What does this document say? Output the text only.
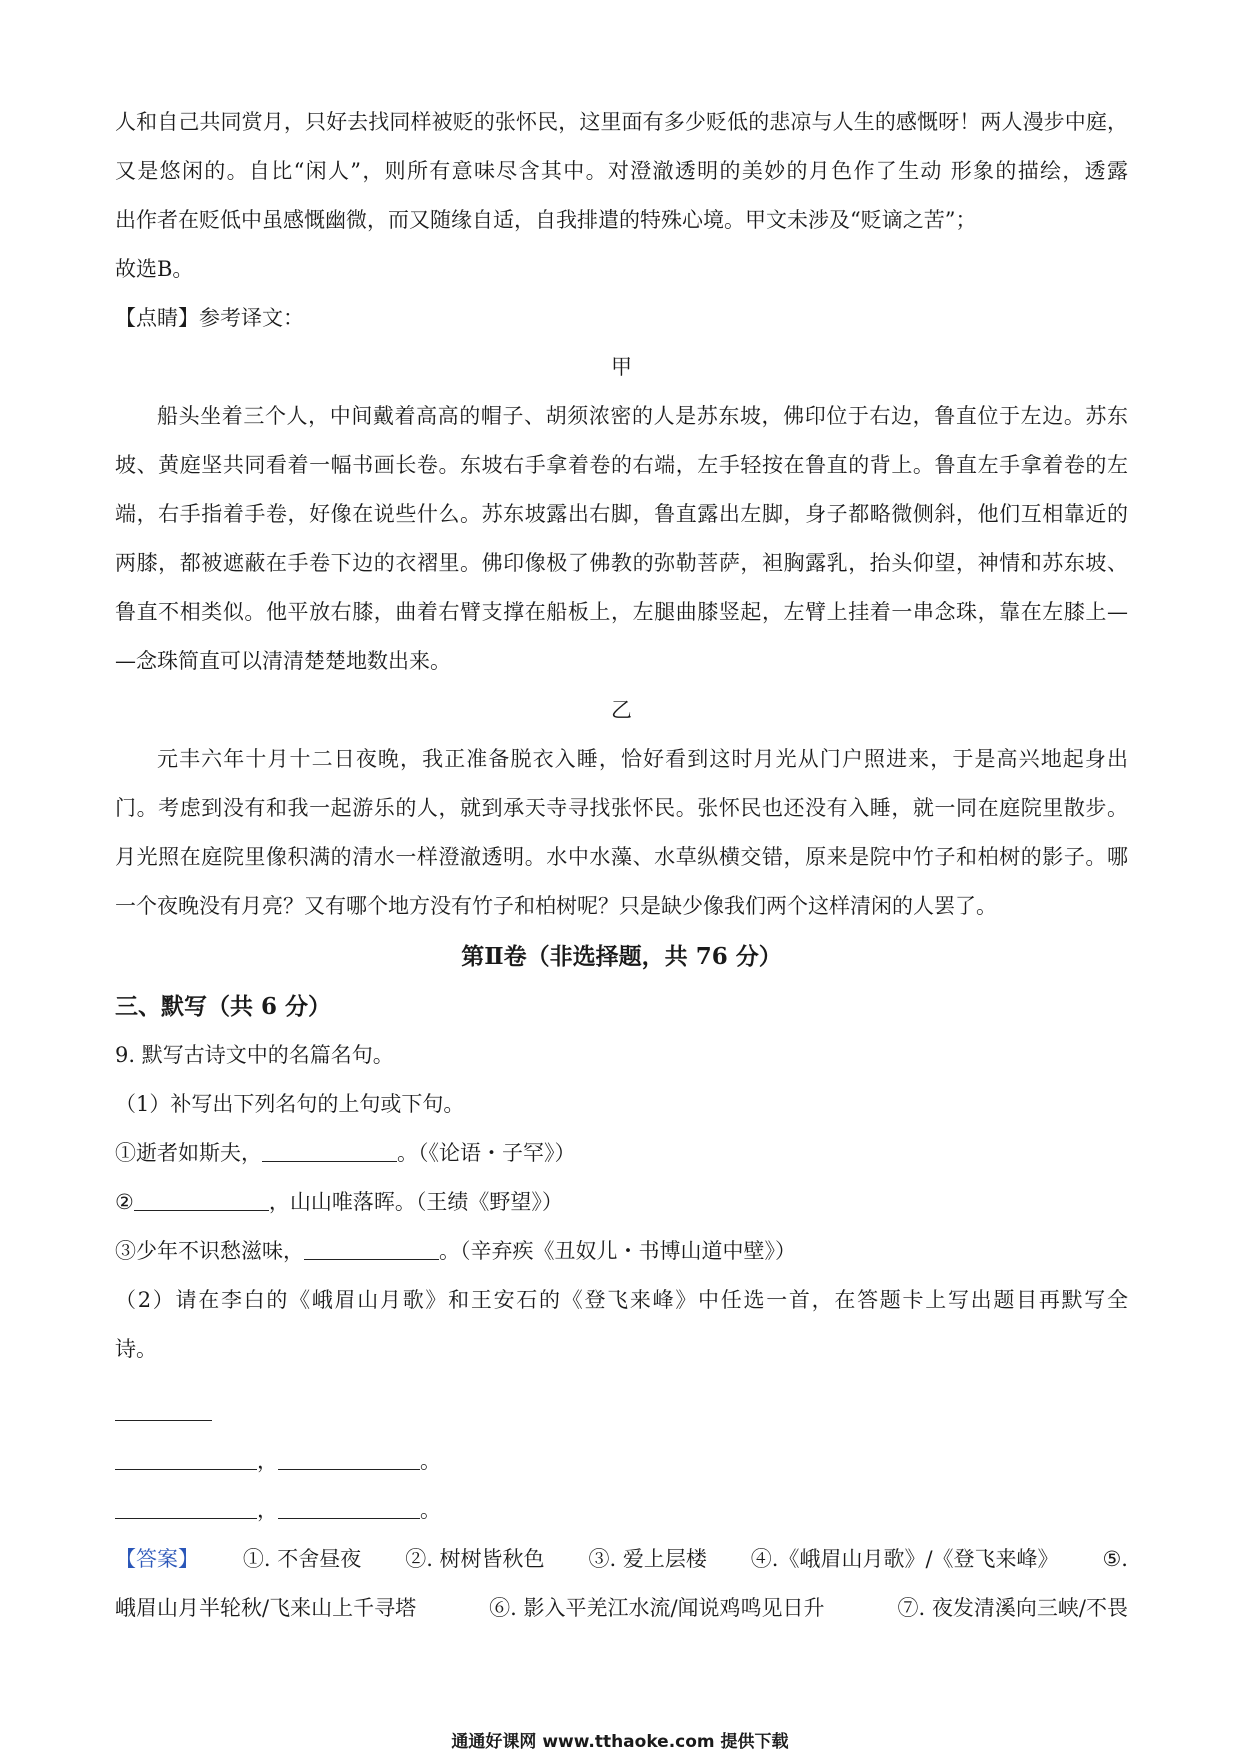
人和自己共同赏月，只好去找同样被贬的张怀民，这里面有多少贬低的悲凉与人生的感慨呀！两人漫步中庭，

又是悠闲的。自比“闲人”，则所有意味尽含其中。对澄澈透明的美妙的月色作了生动 形象的描绘，透露

出作者在贬低中虽感慨幽微，而又随缘自适，自我排遣的特殊心境。甲文未涉及“贬谪之苦”；

故选B。

【点睛】参考译文：

甲

船头坐着三个人，中间戴着高高的帽子、胡须浓密的人是苏东坡，佛印位于右边，鲁直位于左边。苏东

坡、黄庭坚共同看着一幅书画长卷。东坡右手拿着卷的右端，左手轻按在鲁直的背上。鲁直左手拿着卷的左

端，右手指着手卷，好像在说些什么。苏东坡露出右脚，鲁直露出左脚，身子都略微侧斜，他们互相靠近的

两膝，都被遮蔽在手卷下边的衣褶里。佛印像极了佛教的弥勒菩萨，袒胸露乳，抬头仰望，神情和苏东坡、

鲁直不相类似。他平放右膝，曲着右臂支撑在船板上，左腿曲膝竖起，左臂上挂着一串念珠，靠在左膝上—

—念珠简直可以清清楚楚地数出来。

乙

元丰六年十月十二日夜晚，我正准备脱衣入睡，恰好看到这时月光从门户照进来，于是高兴地起身出

门。考虑到没有和我一起游乐的人，就到承天寺寻找张怀民。张怀民也还没有入睡，就一同在庭院里散步。

月光照在庭院里像积满的清水一样澄澈透明。水中水藻、水草纵横交错，原来是院中竹子和柏树的影子。哪

一个夜晚没有月亮？又有哪个地方没有竹子和柏树呢？只是缺少像我们两个这样清闲的人罢了。

第Ⅱ卷（非选择题，共 76 分）

三、默写（共 6 分）

9. 默写古诗文中的名篇名句。

（1）补写出下列名句的上句或下句。

①逝者如斯夫，	。（《论语・子罕》）

②	，山山唯落晖。（王绩《野望》）

③少年不识愁滋味，	。（辛弃疾《丑奴儿・书博山道中壁》）

（2）请在李白的《峨眉山月歌》和王安石的《登飞来峰》中任选一首，在答题卡上写出题目再默写全

诗。

，	。

，	。

【答案】 ①. 不舍昼夜 ②. 树树皆秋色 ③. 爱上层楼 ④.《峨眉山月歌》/《登飞来峰》 ⑤.

峨眉山月半轮秋/飞来山上千寻塔	⑥. 影入平羌江水流/闻说鸡鸣见日升	⑦. 夜发清溪向三峡/不畏

通通好课网 www.tthaoke.com 提供下载
